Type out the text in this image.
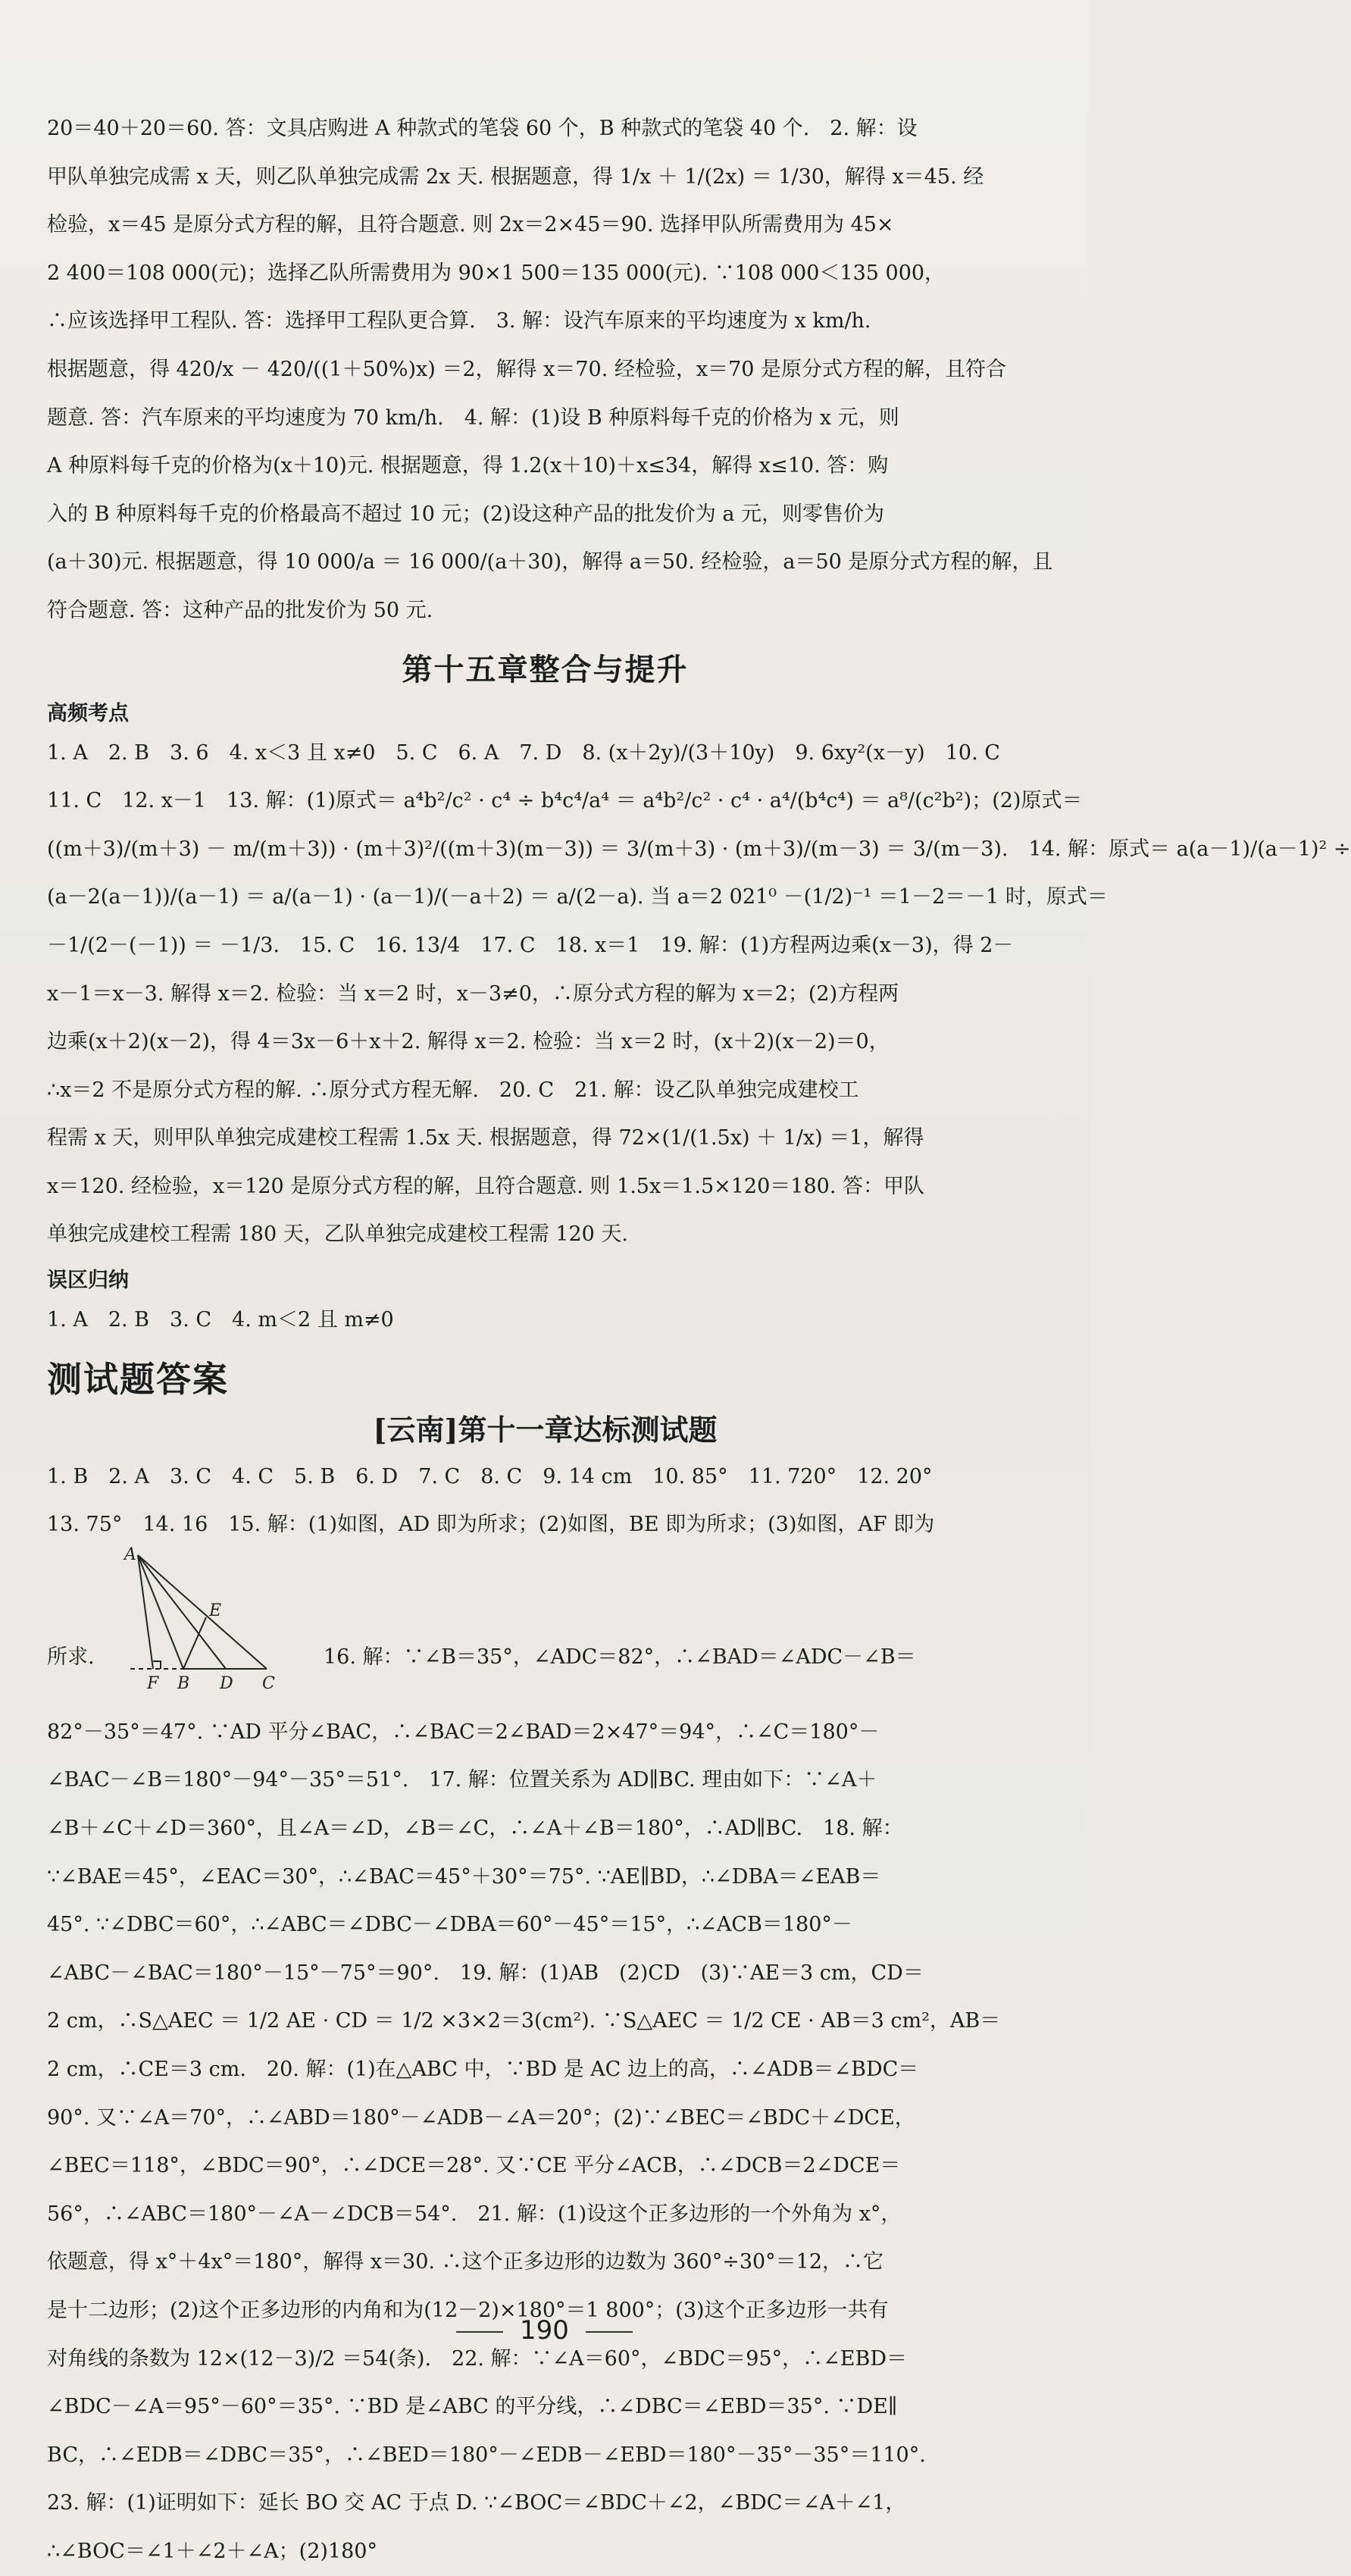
20＝40＋20＝60. 答：文具店购进 A 种款式的笔袋 60 个，B 种款式的笔袋 40 个.　2. 解：设
甲队单独完成需 x 天，则乙队单独完成需 2x 天. 根据题意，得 1/x ＋ 1/(2x) ＝ 1/30，解得 x＝45. 经
检验，x＝45 是原分式方程的解，且符合题意. 则 2x＝2×45＝90. 选择甲队所需费用为 45×
2 400＝108 000(元)；选择乙队所需费用为 90×1 500＝135 000(元). ∵108 000＜135 000，
∴应该选择甲工程队. 答：选择甲工程队更合算.　3. 解：设汽车原来的平均速度为 x km/h.
根据题意，得 420/x － 420/((1＋50%)x) ＝2，解得 x＝70. 经检验，x＝70 是原分式方程的解，且符合
题意. 答：汽车原来的平均速度为 70 km/h.　4. 解：(1)设 B 种原料每千克的价格为 x 元，则
A 种原料每千克的价格为(x＋10)元. 根据题意，得 1.2(x＋10)＋x≤34，解得 x≤10. 答：购
入的 B 种原料每千克的价格最高不超过 10 元；(2)设这种产品的批发价为 a 元，则零售价为
(a＋30)元. 根据题意，得 10 000/a ＝ 16 000/(a＋30)，解得 a＝50. 经检验，a＝50 是原分式方程的解，且
符合题意. 答：这种产品的批发价为 50 元.
第十五章整合与提升
高频考点
1. A　2. B　3. 6　4. x＜3 且 x≠0　5. C　6. A　7. D　8. (x＋2y)/(3＋10y)　9. 6xy²(x－y)　10. C
11. C　12. x－1　13. 解：(1)原式＝ a⁴b²/c² · c⁴ ÷ b⁴c⁴/a⁴ ＝ a⁴b²/c² · c⁴ · a⁴/(b⁴c⁴) ＝ a⁸/(c²b²)；(2)原式＝
((m＋3)/(m＋3) － m/(m＋3)) · (m＋3)²/((m＋3)(m－3)) ＝ 3/(m＋3) · (m＋3)/(m－3) ＝ 3/(m－3).　14. 解：原式＝ a(a－1)/(a－1)² ÷
(a－2(a－1))/(a－1) ＝ a/(a－1) · (a－1)/(－a＋2) ＝ a/(2－a). 当 a＝2 021⁰ －(1/2)⁻¹ ＝1－2＝－1 时，原式＝
－1/(2－(－1)) ＝ －1/3.　15. C　16. 13/4　17. C　18. x＝1　19. 解：(1)方程两边乘(x－3)，得 2－
x－1＝x－3. 解得 x＝2. 检验：当 x＝2 时，x－3≠0，∴原分式方程的解为 x＝2；(2)方程两
边乘(x＋2)(x－2)，得 4＝3x－6＋x＋2. 解得 x＝2. 检验：当 x＝2 时，(x＋2)(x－2)＝0，
∴x＝2 不是原分式方程的解. ∴原分式方程无解.　20. C　21. 解：设乙队单独完成建校工
程需 x 天，则甲队单独完成建校工程需 1.5x 天. 根据题意，得 72×(1/(1.5x) ＋ 1/x) ＝1，解得
x＝120. 经检验，x＝120 是原分式方程的解，且符合题意. 则 1.5x＝1.5×120＝180. 答：甲队
单独完成建校工程需 180 天，乙队单独完成建校工程需 120 天.
误区归纳
1. A　2. B　3. C　4. m＜2 且 m≠0
测试题答案
[云南]第十一章达标测试题
1. B　2. A　3. C　4. C　5. B　6. D　7. C　8. C　9. 14 cm　10. 85°　11. 720°　12. 20°
13. 75°　14. 16　15. 解：(1)如图，AD 即为所求；(2)如图，BE 即为所求；(3)如图，AF 即为
所求.
A
E
F B D C
16. 解：∵∠B＝35°，∠ADC＝82°，∴∠BAD＝∠ADC－∠B＝
82°－35°＝47°. ∵AD 平分∠BAC，∴∠BAC＝2∠BAD＝2×47°＝94°，∴∠C＝180°－
∠BAC－∠B＝180°－94°－35°＝51°.　17. 解：位置关系为 AD∥BC. 理由如下：∵∠A＋
∠B＋∠C＋∠D＝360°，且∠A＝∠D，∠B＝∠C，∴∠A＋∠B＝180°，∴AD∥BC.　18. 解：
∵∠BAE＝45°，∠EAC＝30°，∴∠BAC＝45°＋30°＝75°. ∵AE∥BD，∴∠DBA＝∠EAB＝
45°. ∵∠DBC＝60°，∴∠ABC＝∠DBC－∠DBA＝60°－45°＝15°，∴∠ACB＝180°－
∠ABC－∠BAC＝180°－15°－75°＝90°.　19. 解：(1)AB　(2)CD　(3)∵AE＝3 cm，CD＝
2 cm，∴S△AEC ＝ 1/2 AE · CD ＝ 1/2 ×3×2＝3(cm²). ∵S△AEC ＝ 1/2 CE · AB＝3 cm²，AB＝
2 cm，∴CE＝3 cm.　20. 解：(1)在△ABC 中，∵BD 是 AC 边上的高，∴∠ADB＝∠BDC＝
90°. 又∵∠A＝70°，∴∠ABD＝180°－∠ADB－∠A＝20°；(2)∵∠BEC＝∠BDC＋∠DCE，
∠BEC＝118°，∠BDC＝90°，∴∠DCE＝28°. 又∵CE 平分∠ACB，∴∠DCB＝2∠DCE＝
56°，∴∠ABC＝180°－∠A－∠DCB＝54°.　21. 解：(1)设这个正多边形的一个外角为 x°，
依题意，得 x°＋4x°＝180°，解得 x＝30. ∴这个正多边形的边数为 360°÷30°＝12，∴它
是十二边形；(2)这个正多边形的内角和为(12－2)×180°＝1 800°；(3)这个正多边形一共有
对角线的条数为 12×(12－3)/2 ＝54(条).　22. 解：∵∠A＝60°，∠BDC＝95°，∴∠EBD＝
∠BDC－∠A＝95°－60°＝35°. ∵BD 是∠ABC 的平分线，∴∠DBC＝∠EBD＝35°. ∵DE∥
BC，∴∠EDB＝∠DBC＝35°，∴∠BED＝180°－∠EDB－∠EBD＝180°－35°－35°＝110°.
23. 解：(1)证明如下：延长 BO 交 AC 于点 D. ∵∠BOC＝∠BDC＋∠2，∠BDC＝∠A＋∠1，
∴∠BOC＝∠1＋∠2＋∠A；(2)180°
190
